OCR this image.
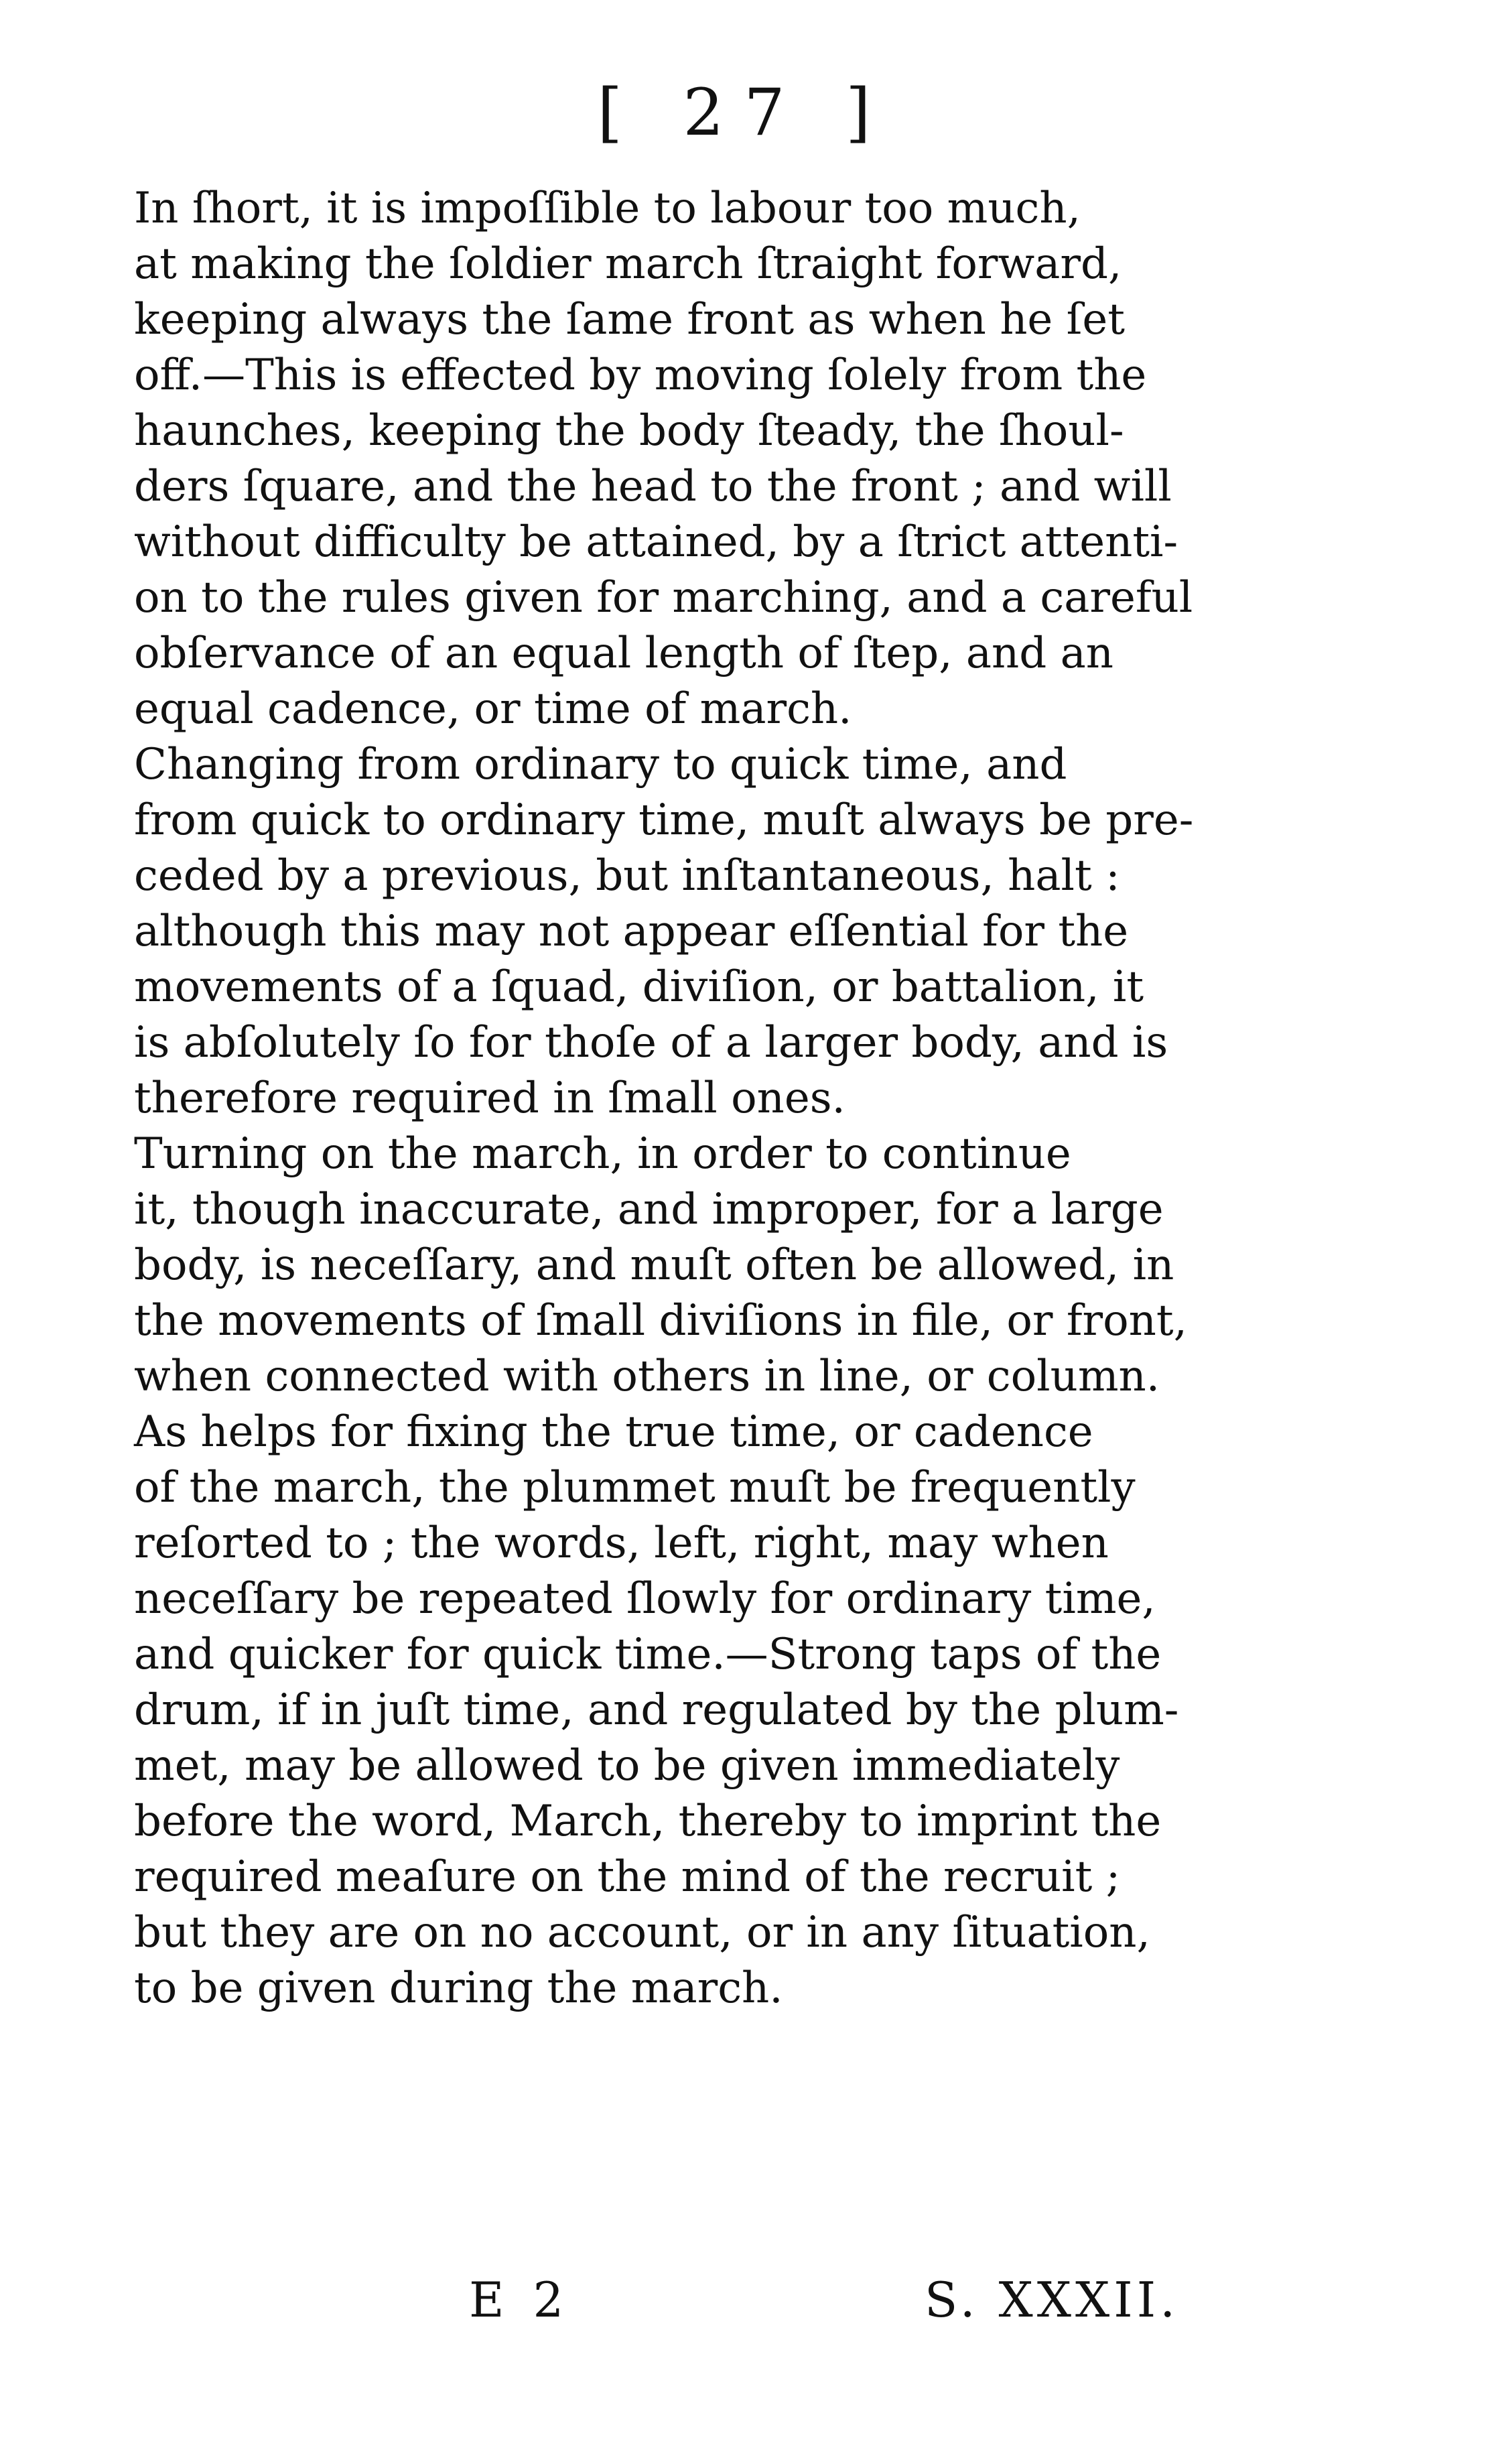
[ 27 ]

In ſhort, it is impoſſible to labour too much,
at making the ſoldier march ſtraight forward,
keeping always the ſame front as when he ſet
off.—This is effected by moving ſolely from the
haunches, keeping the body ſteady, the ſhoul-
ders ſquare, and the head to the front ; and will
without difficulty be attained, by a ſtrict attenti-
on to the rules given for marching, and a careful
obſervance of an equal length of ſtep, and an
equal cadence, or time of march.

Changing from ordinary to quick time, and
from quick to ordinary time, muſt always be pre-
ceded by a previous, but inſtantaneous, halt :
although this may not appear eſſential for the
movements of a ſquad, diviſion, or battalion, it
is abſolutely ſo for thoſe of a larger body, and is
therefore required in ſmall ones.

Turning on the march, in order to continue
it, though inaccurate, and improper, for a large
body, is neceſſary, and muſt often be allowed, in
the movements of ſmall diviſions in file, or front,
when connected with others in line, or column.

As helps for fixing the true time, or cadence
of the march, the plummet muſt be frequently
reſorted to ; the words, left, right, may when
neceſſary be repeated ſlowly for ordinary time,
and quicker for quick time.—Strong taps of the
drum, if in juſt time, and regulated by the plum-
met, may be allowed to be given immediately
before the word, March, thereby to imprint the
required meaſure on the mind of the recruit ;
but they are on no account, or in any ſituation,
to be given during the march.

E 2	S. XXXII.
